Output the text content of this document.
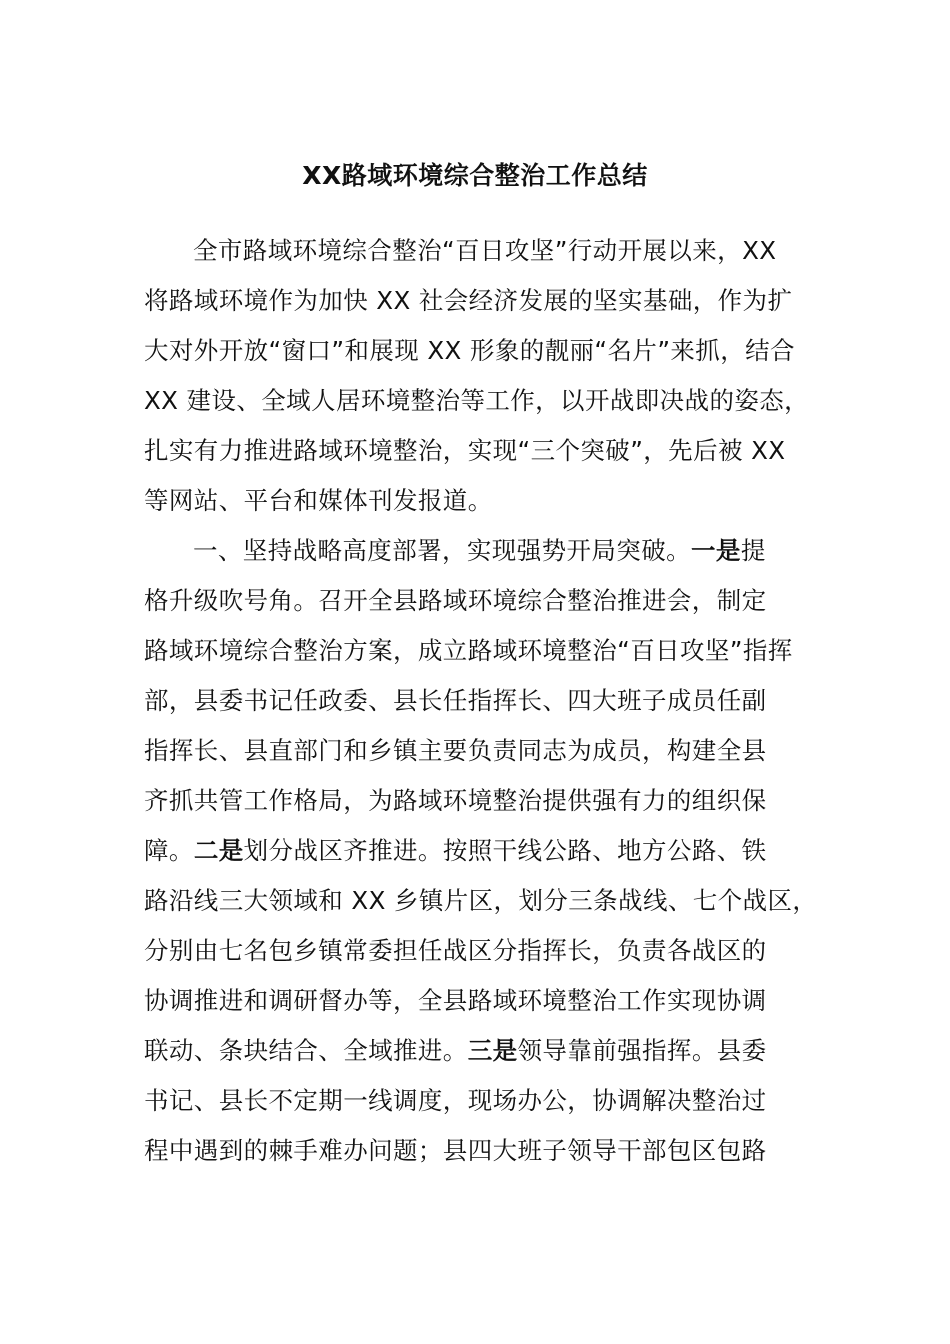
XX路域环境综合整治工作总结
全市路域环境综合整治“百日攻坚”行动开展以来，XX
将路域环境作为加快 XX 社会经济发展的坚实基础，作为扩
大对外开放“窗口”和展现 XX 形象的靓丽“名片”来抓，结合
XX 建设、全域人居环境整治等工作，以开战即决战的姿态，
扎实有力推进路域环境整治，实现“三个突破”，先后被 XX
等网站、平台和媒体刊发报道。
一、坚持战略高度部署，实现强势开局突破。一是提
格升级吹号角。召开全县路域环境综合整治推进会，制定
路域环境综合整治方案，成立路域环境整治“百日攻坚”指挥
部，县委书记任政委、县长任指挥长、四大班子成员任副
指挥长、县直部门和乡镇主要负责同志为成员，构建全县
齐抓共管工作格局，为路域环境整治提供强有力的组织保
障。二是划分战区齐推进。按照干线公路、地方公路、铁
路沿线三大领域和 XX 乡镇片区，划分三条战线、七个战区，
分别由七名包乡镇常委担任战区分指挥长，负责各战区的
协调推进和调研督办等，全县路域环境整治工作实现协调
联动、条块结合、全域推进。三是领导靠前强指挥。县委
书记、县长不定期一线调度，现场办公，协调解决整治过
程中遇到的棘手难办问题；县四大班子领导干部包区包路
